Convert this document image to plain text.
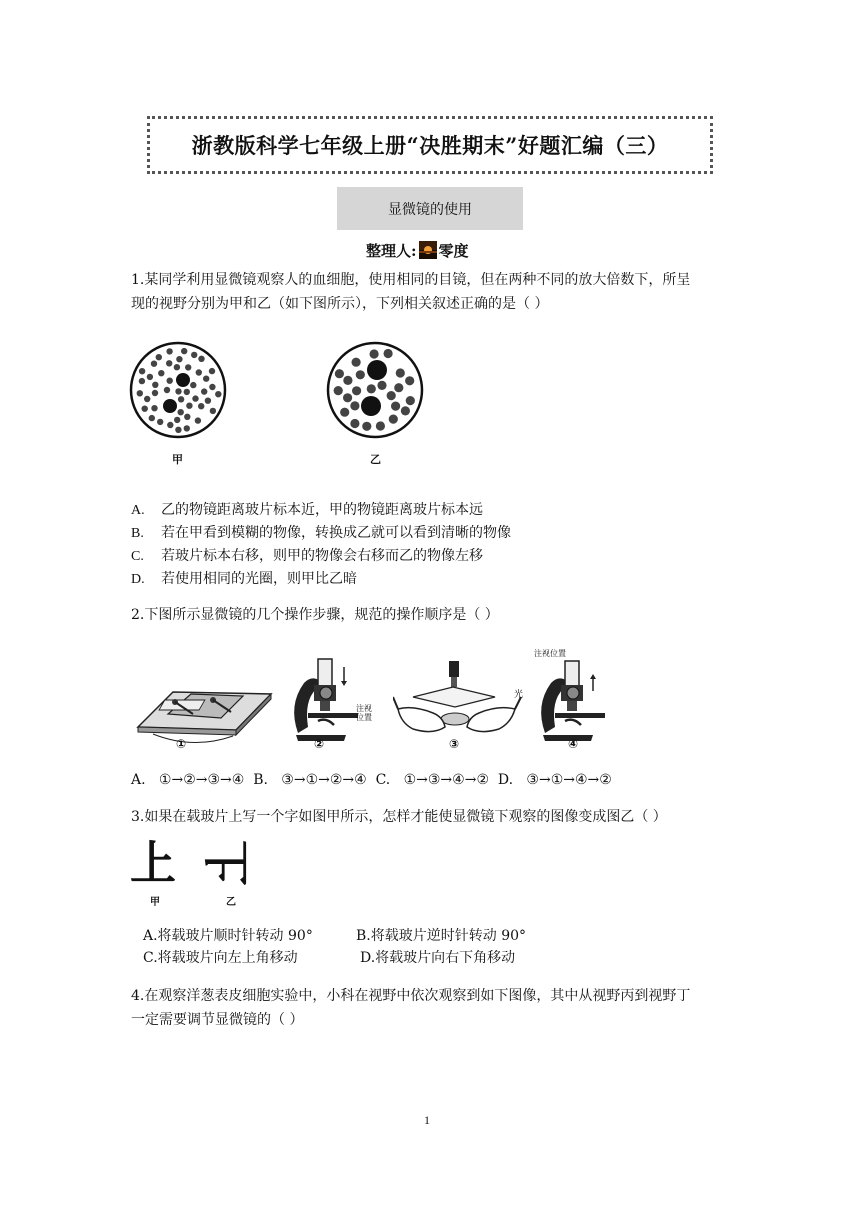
浙教版科学七年级上册“决胜期末”好题汇编（三）
显微镜的使用
整理人: 零度
1.某同学利用显微镜观察人的血细胞，使用相同的目镜，但在两种不同的放大倍数下，所呈
现的视野分别为甲和乙（如下图所示），下列相关叙述正确的是（ ）
甲	乙
A. 乙的物镜距离玻片标本近，甲的物镜距离玻片标本远
B. 若在甲看到模糊的物像，转换成乙就可以看到清晰的物像
C. 若玻片标本右移，则甲的物像会右移而乙的物像左移
D. 若使用相同的光圈，则甲比乙暗
2.下图所示显微镜的几个操作步骤，规范的操作顺序是（ ）
①
注视位置
②
光
③
注视位置
④
A.   ①→②→③→④  B.   ③→①→②→④  C.   ①→③→④→②  D.   ③→①→④→②
3.如果在载玻片上写一个字如图甲所示，怎样才能使显微镜下观察的图像变成图乙（ ）
上 上
甲	乙
A.将载玻片顺时针转动 90°	B.将载玻片逆时针转动 90°
C.将载玻片向左上角移动	D.将载玻片向右下角移动
4.在观察洋葱表皮细胞实验中，小科在视野中依次观察到如下图像，其中从视野丙到视野丁
一定需要调节显微镜的（ ）
1
